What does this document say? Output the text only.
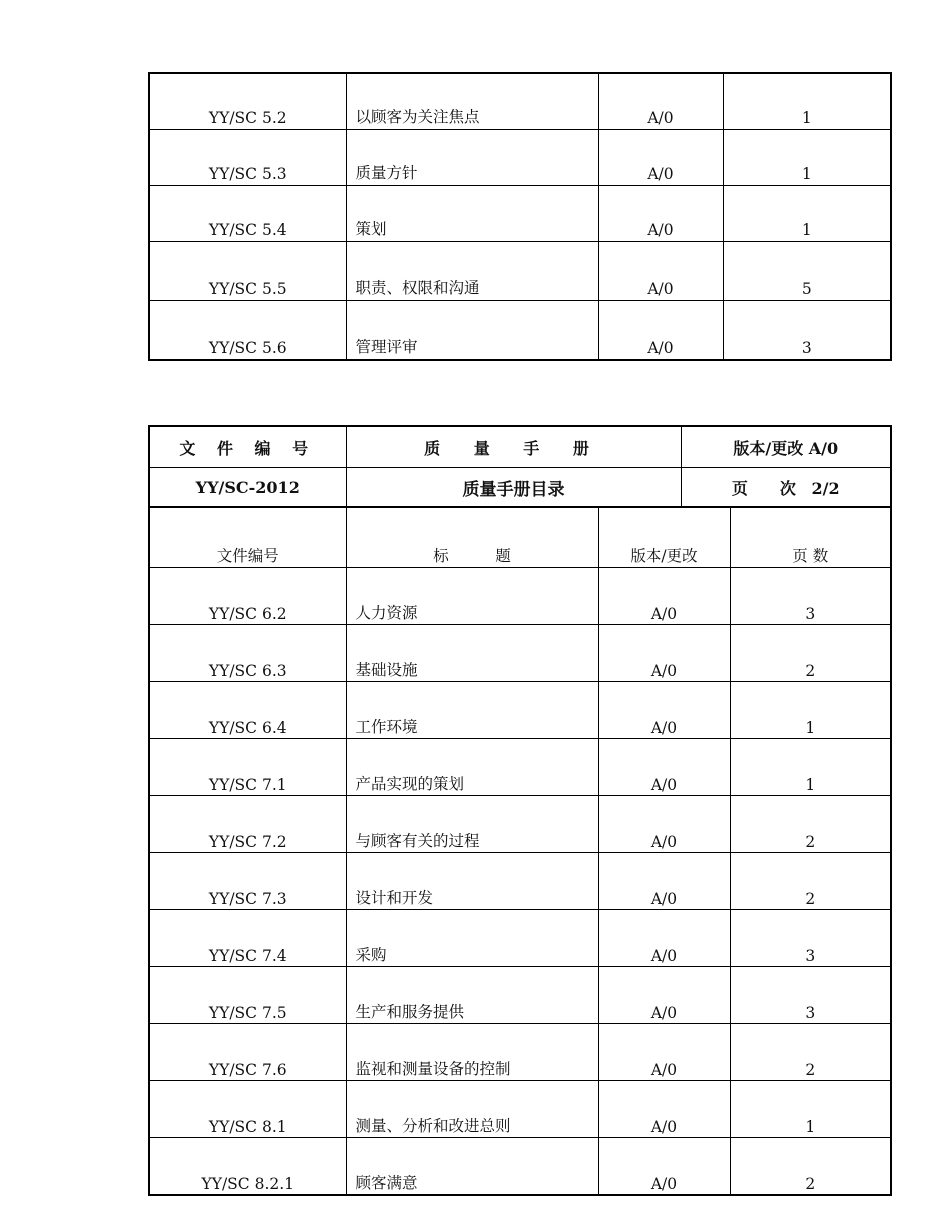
YY/SC 5.2	以顾客为关注焦点	A/0	1
YY/SC 5.3	质量方针	A/0	1
YY/SC 5.4	策划	A/0	1
YY/SC 5.5	职责、权限和沟通	A/0	5
YY/SC 5.6	管理评审	A/0	3
文 件 编 号	质 量 手 册	版本/更改 A/0
YY/SC-2012	质量手册目录	页　　次 2/2
文件编号	标　　　题	版本/更改	页 数
YY/SC 6.2	人力资源	A/0	3
YY/SC 6.3	基础设施	A/0	2
YY/SC 6.4	工作环境	A/0	1
YY/SC 7.1	产品实现的策划	A/0	1
YY/SC 7.2	与顾客有关的过程	A/0	2
YY/SC 7.3	设计和开发	A/0	2
YY/SC 7.4	采购	A/0	3
YY/SC 7.5	生产和服务提供	A/0	3
YY/SC 7.6	监视和测量设备的控制	A/0	2
YY/SC 8.1	测量、分析和改进总则	A/0	1
YY/SC 8.2.1	顾客满意	A/0	2
